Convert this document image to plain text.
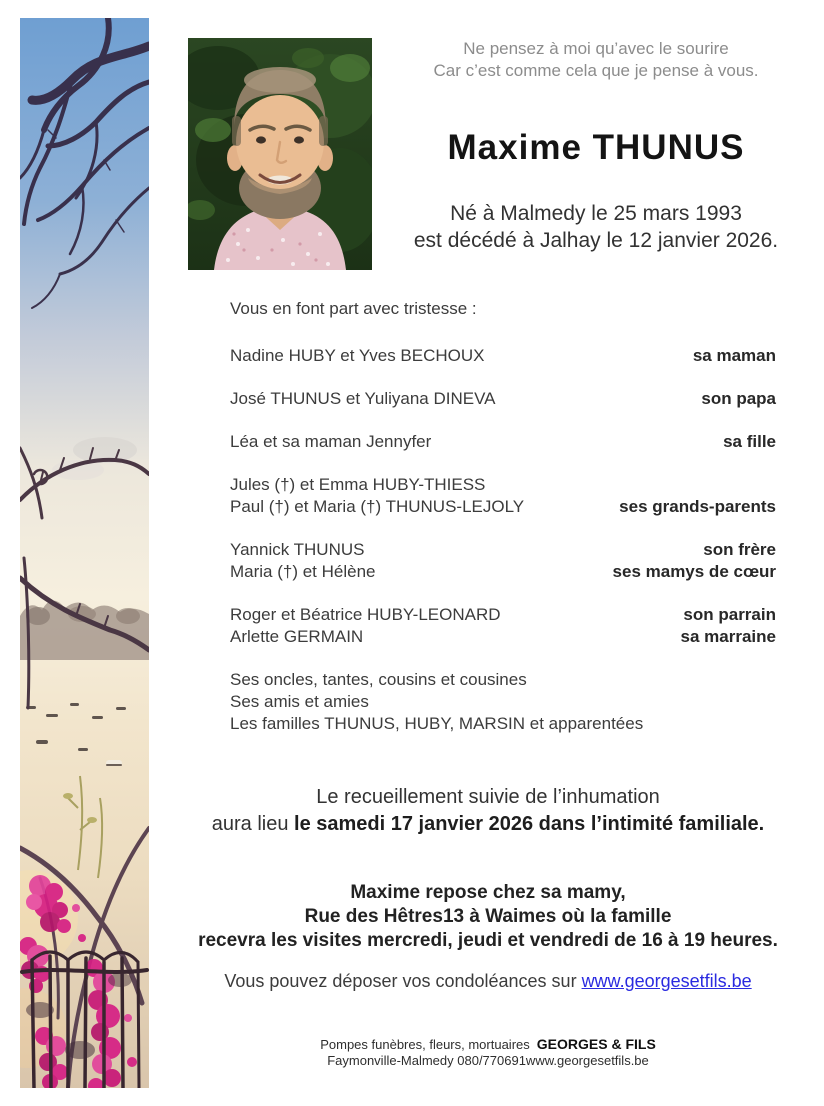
Ne pensez à moi qu’avec le sourire
Car c’est comme cela que je pense à vous.
Maxime THUNUS
Né à Malmedy le 25 mars 1993
est décédé à Jalhay le 12 janvier 2026.
Vous en font part avec tristesse :
Nadine HUBY et Yves BECHOUX	sa maman
José THUNUS et Yuliyana DINEVA	son papa
Léa et sa maman Jennyfer	sa fille
Jules (†) et Emma HUBY-THIESS
Paul (†) et Maria (†) THUNUS-LEJOLY	ses grands-parents
Yannick THUNUS	son frère
Maria (†) et Hélène	ses mamys de cœur
Roger et Béatrice HUBY-LEONARD	son parrain
Arlette GERMAIN	sa marraine
Ses oncles, tantes, cousins et cousines
Ses amis et amies
Les familles THUNUS, HUBY, MARSIN et apparentées
Le recueillement suivie de l’inhumation
aura lieu le samedi 17 janvier 2026 dans l’intimité familiale.
Maxime repose chez sa mamy,
Rue des Hêtres13 à Waimes où la famille
recevra les visites mercredi, jeudi et vendredi de 16 à 19 heures.
Vous pouvez déposer vos condoléances sur www.georgesetfils.be
Pompes funèbres, fleurs, mortuaires GEORGES & FILS
Faymonville-Malmedy 080/770691www.georgesetfils.be
